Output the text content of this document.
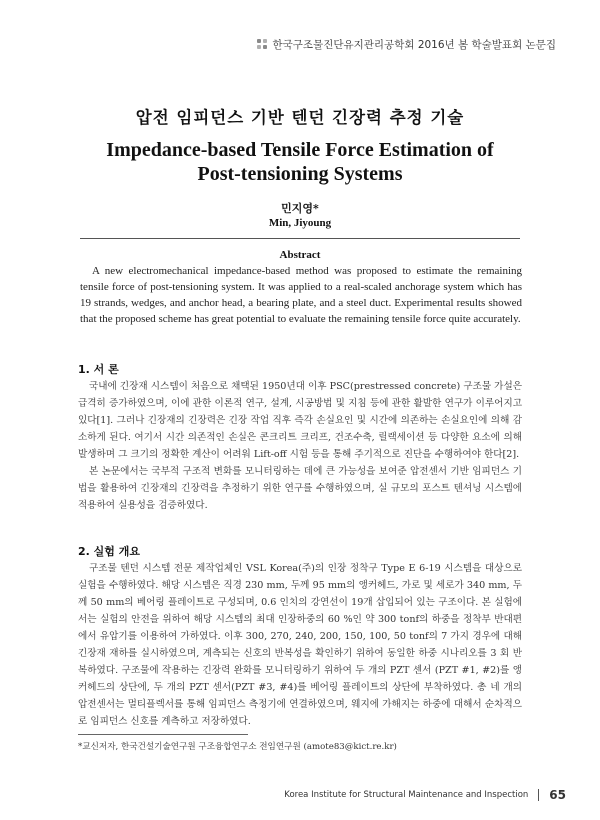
한국구조물진단유지관리공학회 2016년 봄 학술발표회 논문집
압전 임피던스 기반 텐던 긴장력 추정 기술
Impedance-based Tensile Force Estimation of
Post-tensioning Systems
민지영*
Min, Jiyoung
Abstract
A new electromechanical impedance-based method was proposed to estimate the remaining tensile force of post-tensioning system. It was applied to a real-scaled anchorage system which has 19 strands, wedges, and anchor head, a bearing plate, and a steel duct. Experimental results showed that the proposed scheme has great potential to evaluate the remaining tensile force quite accurately.
1. 서 론

국내에 긴장재 시스템이 처음으로 채택된 1950년대 이후 PSC(prestressed concrete) 구조물 가설은 급격히 증가하였으며, 이에 관한 이론적 연구, 설계, 시공방법 및 지침 등에 관한 활발한 연구가 이루어지고 있다[1]. 그러나 긴장재의 긴장력은 긴장 작업 직후 즉각 손실요인 및 시간에 의존하는 손실요인에 의해 감소하게 된다. 여기서 시간 의존적인 손실은 콘크리트 크리프, 건조수축, 릴랙세이션 등 다양한 요소에 의해 발생하며 그 크기의 정확한 계산이 어려워 Lift-off 시험 등을 통해 주기적으로 진단을 수행하여야 한다[2].

본 논문에서는 국부적 구조적 변화를 모니터링하는 데에 큰 가능성을 보여준 압전센서 기반 임피던스 기법을 활용하여 긴장재의 긴장력을 추정하기 위한 연구를 수행하였으며, 실 규모의 포스트 텐셔닝 시스템에 적용하여 실용성을 검증하였다.

2. 실험 개요

구조물 텐던 시스템 전문 제작업체인 VSL Korea(주)의 인장 정착구 Type E 6-19 시스템을 대상으로 실험을 수행하였다. 해당 시스템은 직경 230 mm, 두께 95 mm의 앵커헤드, 가로 및 세로가 340 mm, 두께 50 mm의 베어링 플레이트로 구성되며, 0.6 인치의 강연선이 19개 삽입되어 있는 구조이다. 본 실험에서는 실험의 안전을 위하여 해당 시스템의 최대 인장하중의 60 %인 약 300 tonf의 하중을 정착부 반대편에서 유압기를 이용하여 가하였다. 이후 300, 270, 240, 200, 150, 100, 50 tonf의 7 가지 경우에 대해 긴장재 재하를 실시하였으며, 계측되는 신호의 반복성을 확인하기 위하여 동일한 하중 시나리오를 3 회 반복하였다. 구조물에 작용하는 긴장력 완화를 모니터링하기 위하여 두 개의 PZT 센서 (PZT #1, #2)를 앵커헤드의 상단에, 두 개의 PZT 센서(PZT #3, #4)를 베어링 플레이트의 상단에 부착하였다. 총 네 개의 압전센서는 멀티플렉서를 통해 임피던스 측정기에 연결하였으며, 웨지에 가해지는 하중에 대해서 순차적으로 임피던스 신호를 계측하고 저장하였다.

*교신저자, 한국건설기술연구원 구조융합연구소 전임연구원 (amote83@kict.re.kr)
Korea Institute for Structural Maintenance and Inspection 65
